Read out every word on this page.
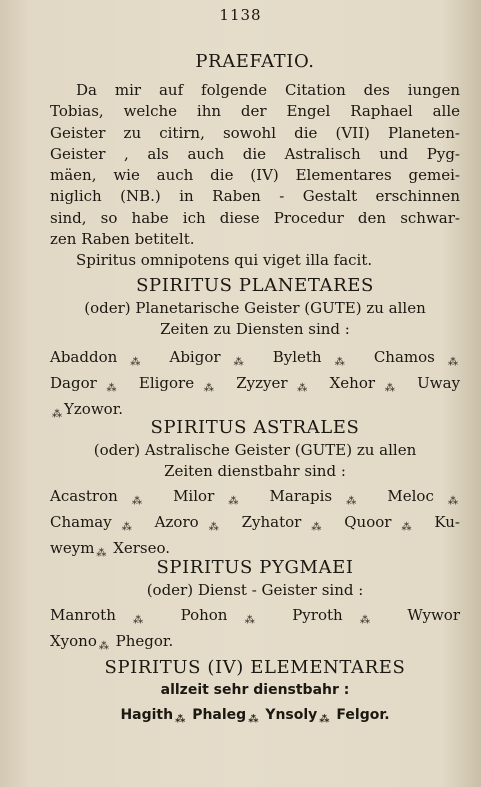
1138
PRAEFATIO.
Da mir auf folgende Citation des iungen
Tobias, welche ihn der Engel Raphael alle
Geister zu citirn, sowohl die (VII) Planeten-
Geister , als auch die Astralisch und Pyg-
mäen, wie auch die (IV) Elementares gemei-
niglich (NB.) in Raben - Gestalt erschinnen
sind, so habe ich diese Procedur den schwar-
zen Raben betitelt.
Spiritus omnipotens qui viget illa facit.
SPIRITUS PLANETARES
(oder) Planetarische Geister (GUTE) zu allen
Zeiten zu Diensten sind :
Abaddon $_⁂$ Abigor $_⁂$ Byleth $_⁂$ Chamos $_⁂$
Dagor $_⁂$ Eligore $_⁂$ Zyzyer $_⁂$ Xehor $_⁂$ Uway
$_⁂$ Yzowor.
SPIRITUS ASTRALES
(oder) Astralische Geister (GUTE) zu allen
Zeiten dienstbahr sind :
Acastron $_⁂$ Milor $_⁂$ Marapis $_⁂$ Meloc $_⁂$
Chamay $_⁂$ Azoro $_⁂$ Zyhator $_⁂$ Quoor $_⁂$ Ku-
weym $_⁂$ Xerseo.
SPIRITUS PYGMAEI
(oder) Dienst - Geister sind :
Manroth $_⁂$ Pohon $_⁂$ Pyroth $_⁂$ Wywor
Xyono $_⁂$ Phegor.
SPIRITUS (IV) ELEMENTARES
allzeit sehr dienstbahr :
Hagith $_⁂$ Phaleg $_⁂$ Ynsoly $_⁂$ Felgor.
